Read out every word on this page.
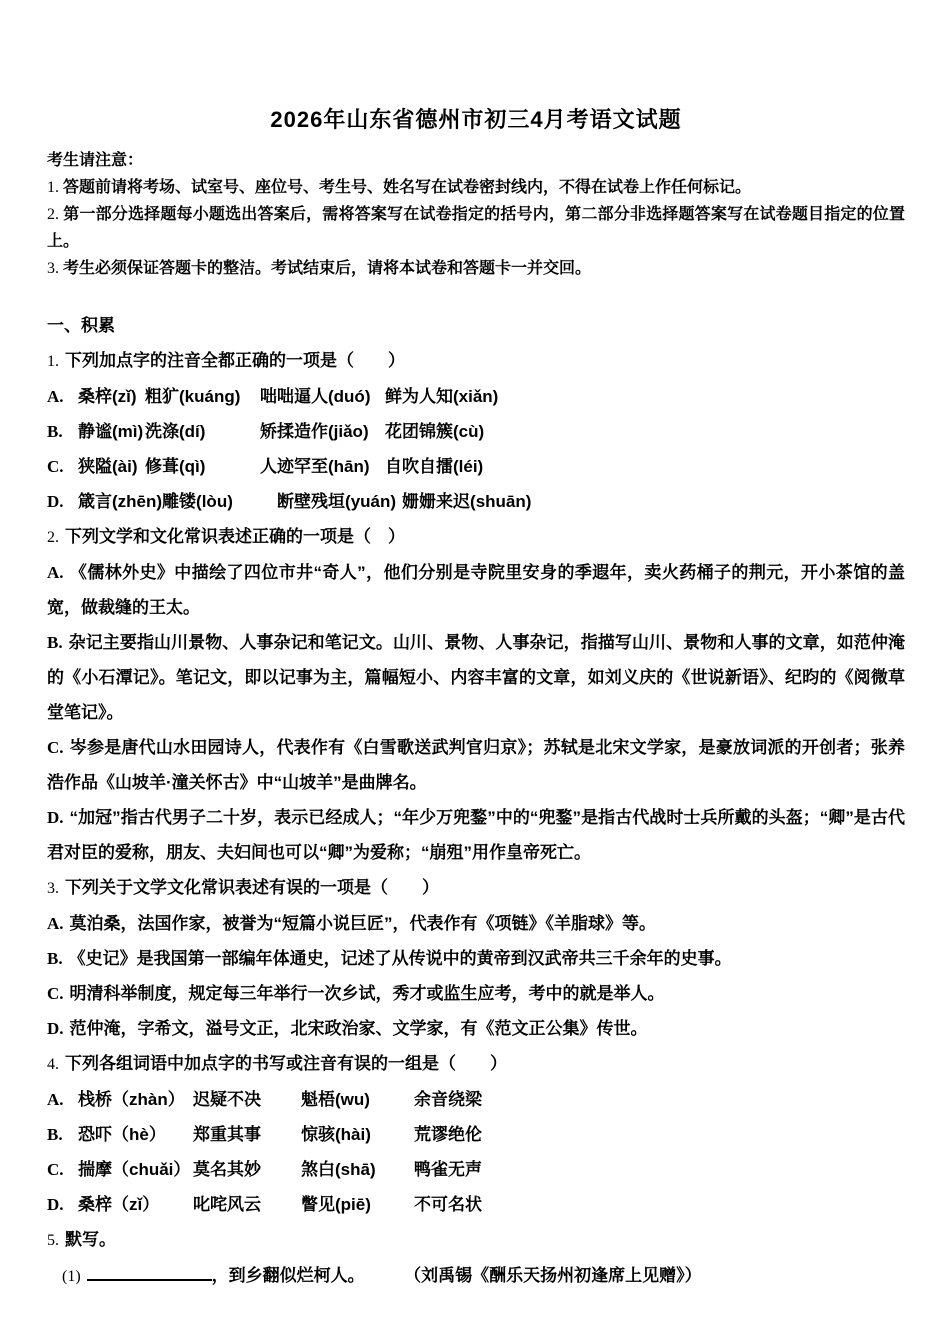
2026年山东省德州市初三4月考语文试题

考生请注意：

1. 答题前请将考场、试室号、座位号、考生号、姓名写在试卷密封线内，不得在试卷上作任何标记。

2. 第一部分选择题每小题选出答案后，需将答案写在试卷指定的括号内，第二部分非选择题答案写在试卷题目指定的位置上。

3. 考生必须保证答题卡的整洁。考试结束后，请将本试卷和答题卡一并交回。

一、积累

1. 下列加点字的注音全都正确的一项是（　　）

A. 桑梓(zǐ) 粗犷(kuáng)	咄咄逼人(duó) 鲜为人知(xiǎn)
B. 静谧(mì) 洗涤(dí)	矫揉造作(jiǎo) 花团锦簇(cù)
C. 狭隘(ài) 修葺(qì)	人迹罕至(hān) 自吹自擂(léi)
D. 箴言(zhēn) 雕镂(lòu)	断壁残垣(yuán) 姗姗来迟(shuān)

2. 下列文学和文化常识表述正确的一项是（　）

A. 《儒林外史》中描绘了四位市井“奇人”，他们分别是寺院里安身的季遐年，卖火药桶子的荆元，开小茶馆的盖宽，做裁缝的王太。

B. 杂记主要指山川景物、人事杂记和笔记文。山川、景物、人事杂记，指描写山川、景物和人事的文章，如范仲淹的《小石潭记》。笔记文，即以记事为主，篇幅短小、内容丰富的文章，如刘义庆的《世说新语》、纪昀的《阅微草堂笔记》。

C. 岑参是唐代山水田园诗人，代表作有《白雪歌送武判官归京》；苏轼是北宋文学家，是豪放词派的开创者；张养浩作品《山坡羊·潼关怀古》中“山坡羊”是曲牌名。

D. “加冠”指古代男子二十岁，表示已经成人；“年少万兜鍪”中的“兜鍪”是指古代战时士兵所戴的头盔；“卿”是古代君对臣的爱称，朋友、夫妇间也可以“卿”为爱称；“崩殂”用作皇帝死亡。

3. 下列关于文学文化常识表述有误的一项是（　　）

A. 莫泊桑，法国作家，被誉为“短篇小说巨匠”，代表作有《项链》《羊脂球》等。

B. 《史记》是我国第一部编年体通史，记述了从传说中的黄帝到汉武帝共三千余年的史事。

C. 明清科举制度，规定每三年举行一次乡试，秀才或监生应考，考中的就是举人。

D. 范仲淹，字希文，溢号文正，北宋政治家、文学家，有《范文正公集》传世。

4. 下列各组词语中加点字的书写或注音有误的一组是（　　）

A. 栈桥（zhàn） 迟疑不决	魁梧(wu)	余音绕梁
B. 恐吓（hè）	郑重其事	惊骇(hài)	荒谬绝伦
C. 揣摩（chuǎi） 莫名其妙	煞白(shā)	鸭雀无声
D. 桑梓（zǐ）	叱咤风云	瞥见(piē)	不可名状

5. 默写。

(1)	，到乡翻似烂柯人。	（刘禹锡《酬乐天扬州初逢席上见赠》）
